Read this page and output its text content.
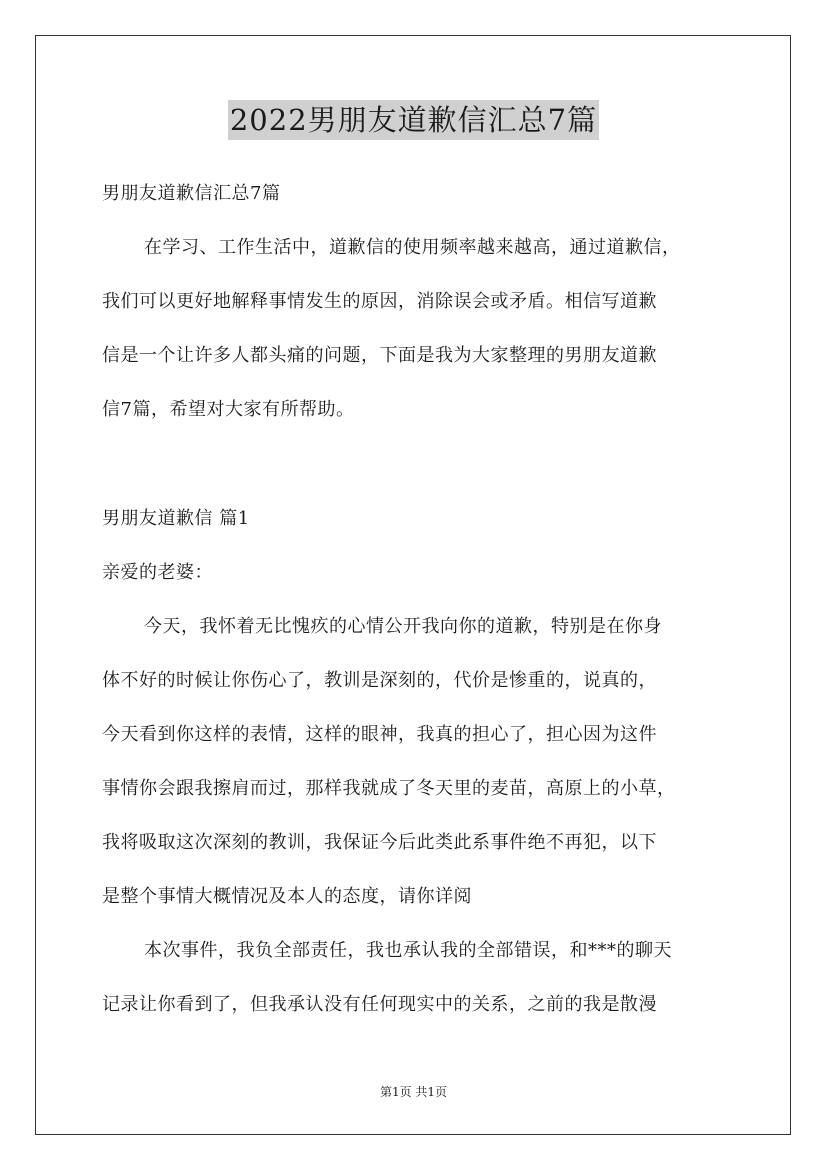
2022男朋友道歉信汇总7篇
男朋友道歉信汇总7篇
在学习、工作生活中，道歉信的使用频率越来越高，通过道歉信，
我们可以更好地解释事情发生的原因，消除误会或矛盾。相信写道歉
信是一个让许多人都头痛的问题，下面是我为大家整理的男朋友道歉
信7篇，希望对大家有所帮助。
男朋友道歉信 篇1
亲爱的老婆：
今天，我怀着无比愧疚的心情公开我向你的道歉，特别是在你身
体不好的时候让你伤心了，教训是深刻的，代价是惨重的，说真的，
今天看到你这样的表情，这样的眼神，我真的担心了，担心因为这件
事情你会跟我擦肩而过，那样我就成了冬天里的麦苗，高原上的小草，
我将吸取这次深刻的教训，我保证今后此类此系事件绝不再犯，以下
是整个事情大概情况及本人的态度，请你详阅
本次事件，我负全部责任，我也承认我的全部错误，和***的聊天
记录让你看到了，但我承认没有任何现实中的关系，之前的我是散漫
第1页 共1页
